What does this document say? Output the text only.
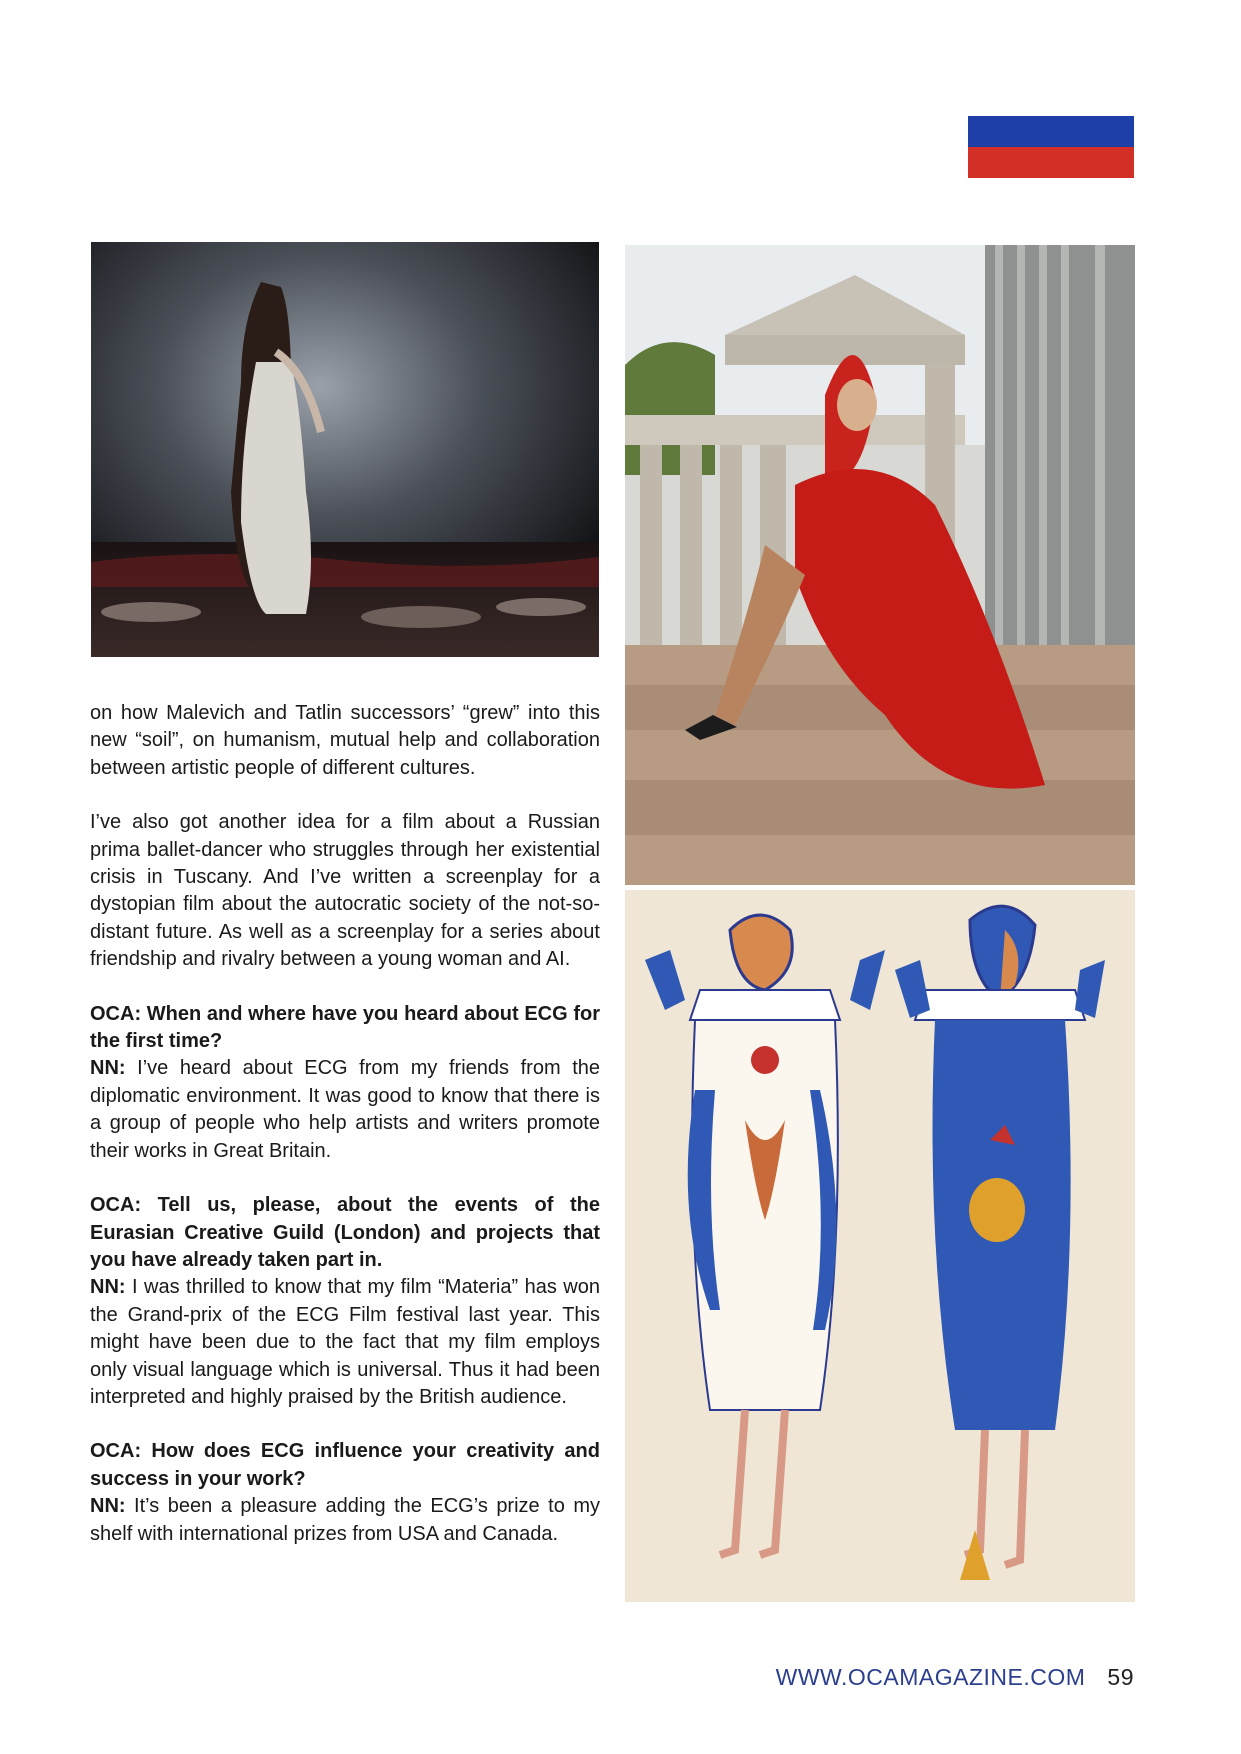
on how Malevich and Tatlin successors’ “grew” into this new “soil”, on humanism, mutual help and collaboration between artistic people of different cultures.

I’ve also got another idea for a film about a Russian prima ballet-dancer who struggles through her existential crisis in Tuscany. And I’ve written a screenplay for a dystopian film about the autocratic society of the not-so-distant future. As well as a screenplay for a series about friendship and rivalry between a young woman and AI.

OCA: When and where have you heard about ECG for the first time?
NN: I’ve heard about ECG from my friends from the diplomatic environment. It was good to know that there is a group of people who help artists and writers promote their works in Great Britain.

OCA: Tell us, please, about the events of the Eurasian Creative Guild (London) and projects that you have already taken part in.
NN: I was thrilled to know that my film “Materia” has won the Grand-prix of the ECG Film festival last year. This might have been due to the fact that my film employs only visual language which is universal. Thus it had been interpreted and highly praised by the British audience.

OCA: How does ECG influence your creativity and success in your work?
NN: It’s been a pleasure adding the ECG’s prize to my shelf with international prizes from USA and Canada.

WWW.OCAMAGAZINE.COM 59
